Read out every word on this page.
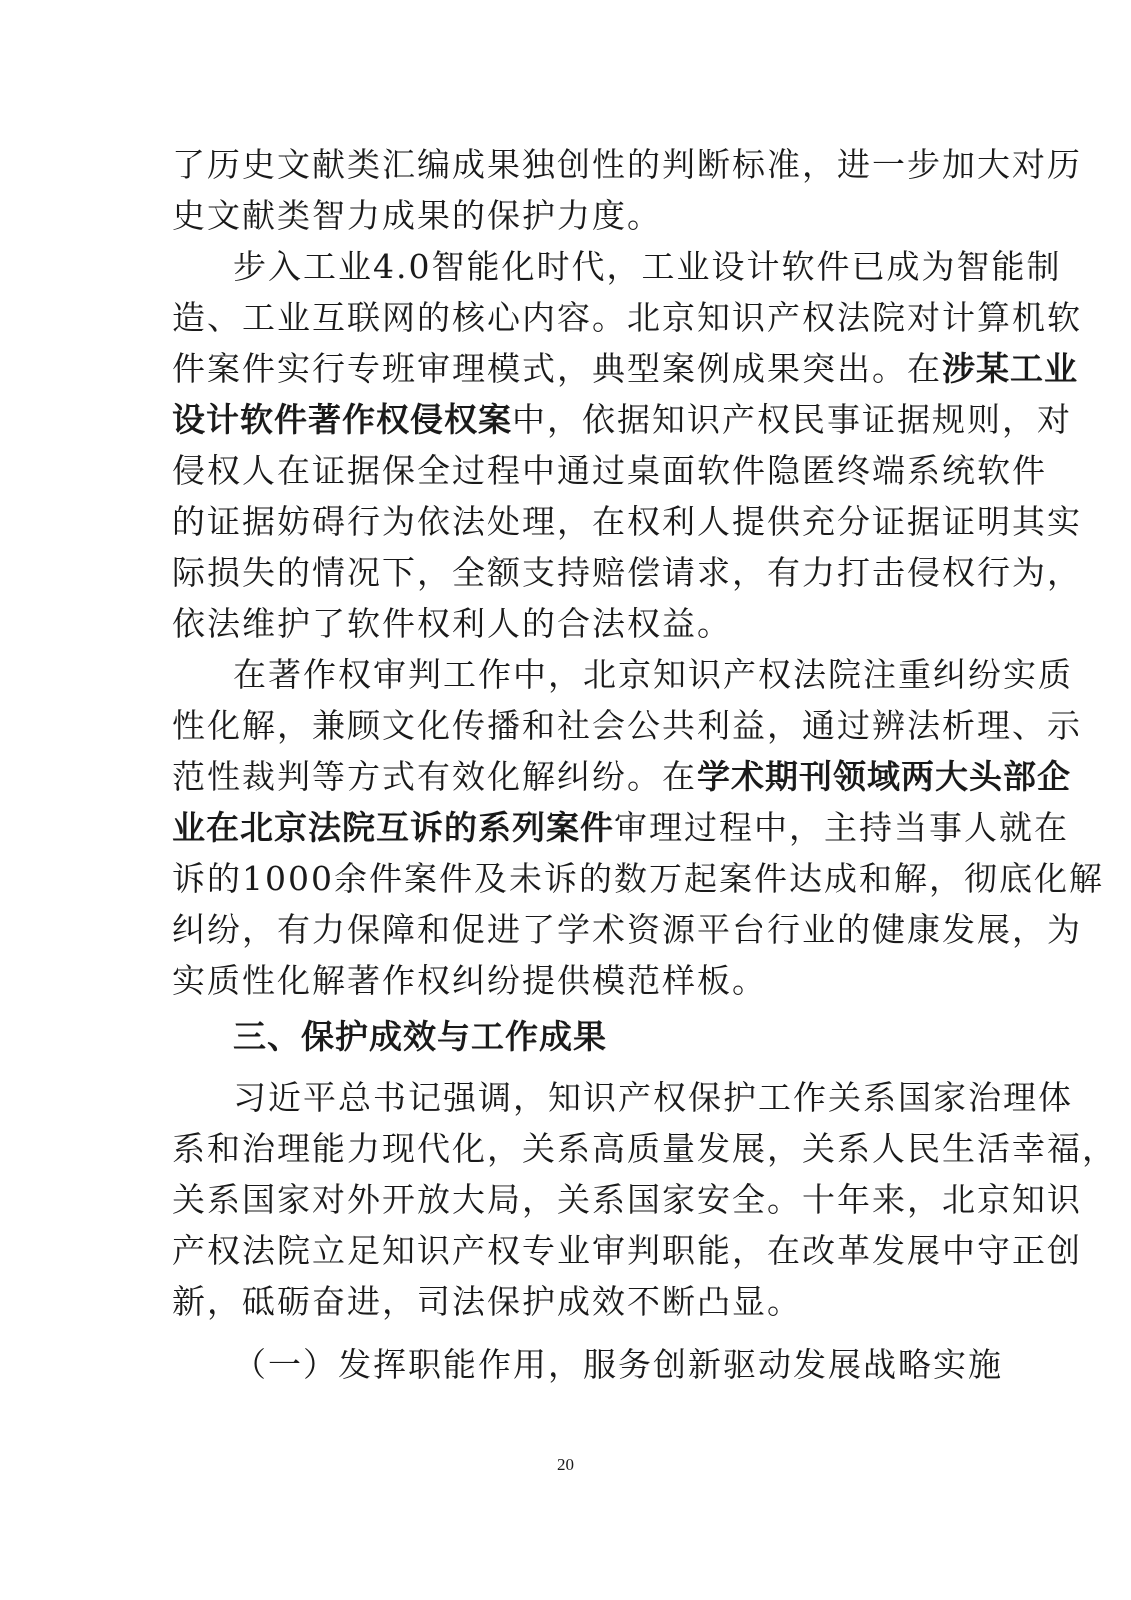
了历史文献类汇编成果独创性的判断标准，进一步加大对历
史文献类智力成果的保护力度。
步入工业4.0智能化时代，工业设计软件已成为智能制
造、工业互联网的核心内容。北京知识产权法院对计算机软
件案件实行专班审理模式，典型案例成果突出。在涉某工业
设计软件著作权侵权案中，依据知识产权民事证据规则，对
侵权人在证据保全过程中通过桌面软件隐匿终端系统软件
的证据妨碍行为依法处理，在权利人提供充分证据证明其实
际损失的情况下，全额支持赔偿请求，有力打击侵权行为，
依法维护了软件权利人的合法权益。
在著作权审判工作中，北京知识产权法院注重纠纷实质
性化解，兼顾文化传播和社会公共利益，通过辨法析理、示
范性裁判等方式有效化解纠纷。在学术期刊领域两大头部企
业在北京法院互诉的系列案件审理过程中，主持当事人就在
诉的1000余件案件及未诉的数万起案件达成和解，彻底化解
纠纷，有力保障和促进了学术资源平台行业的健康发展，为
实质性化解著作权纠纷提供模范样板。
三、保护成效与工作成果
习近平总书记强调，知识产权保护工作关系国家治理体
系和治理能力现代化，关系高质量发展，关系人民生活幸福，
关系国家对外开放大局，关系国家安全。十年来，北京知识
产权法院立足知识产权专业审判职能，在改革发展中守正创
新，砥砺奋进，司法保护成效不断凸显。
（一）发挥职能作用，服务创新驱动发展战略实施
20
